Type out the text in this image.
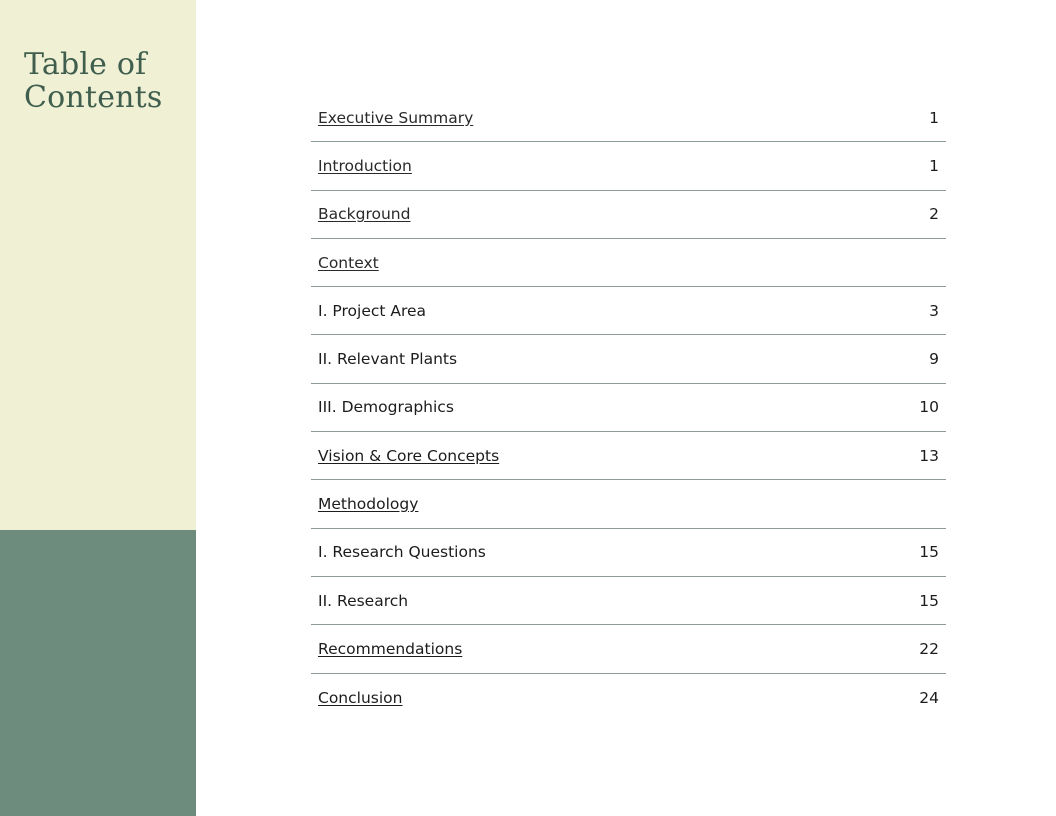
Table of Contents
Executive Summary	1
Introduction	1
Background	2
Context
I. Project Area	3
II. Relevant Plants	9
III. Demographics	10
Vision & Core Concepts	13
Methodology
I. Research Questions	15
II. Research	15
Recommendations	22
Conclusion	24
